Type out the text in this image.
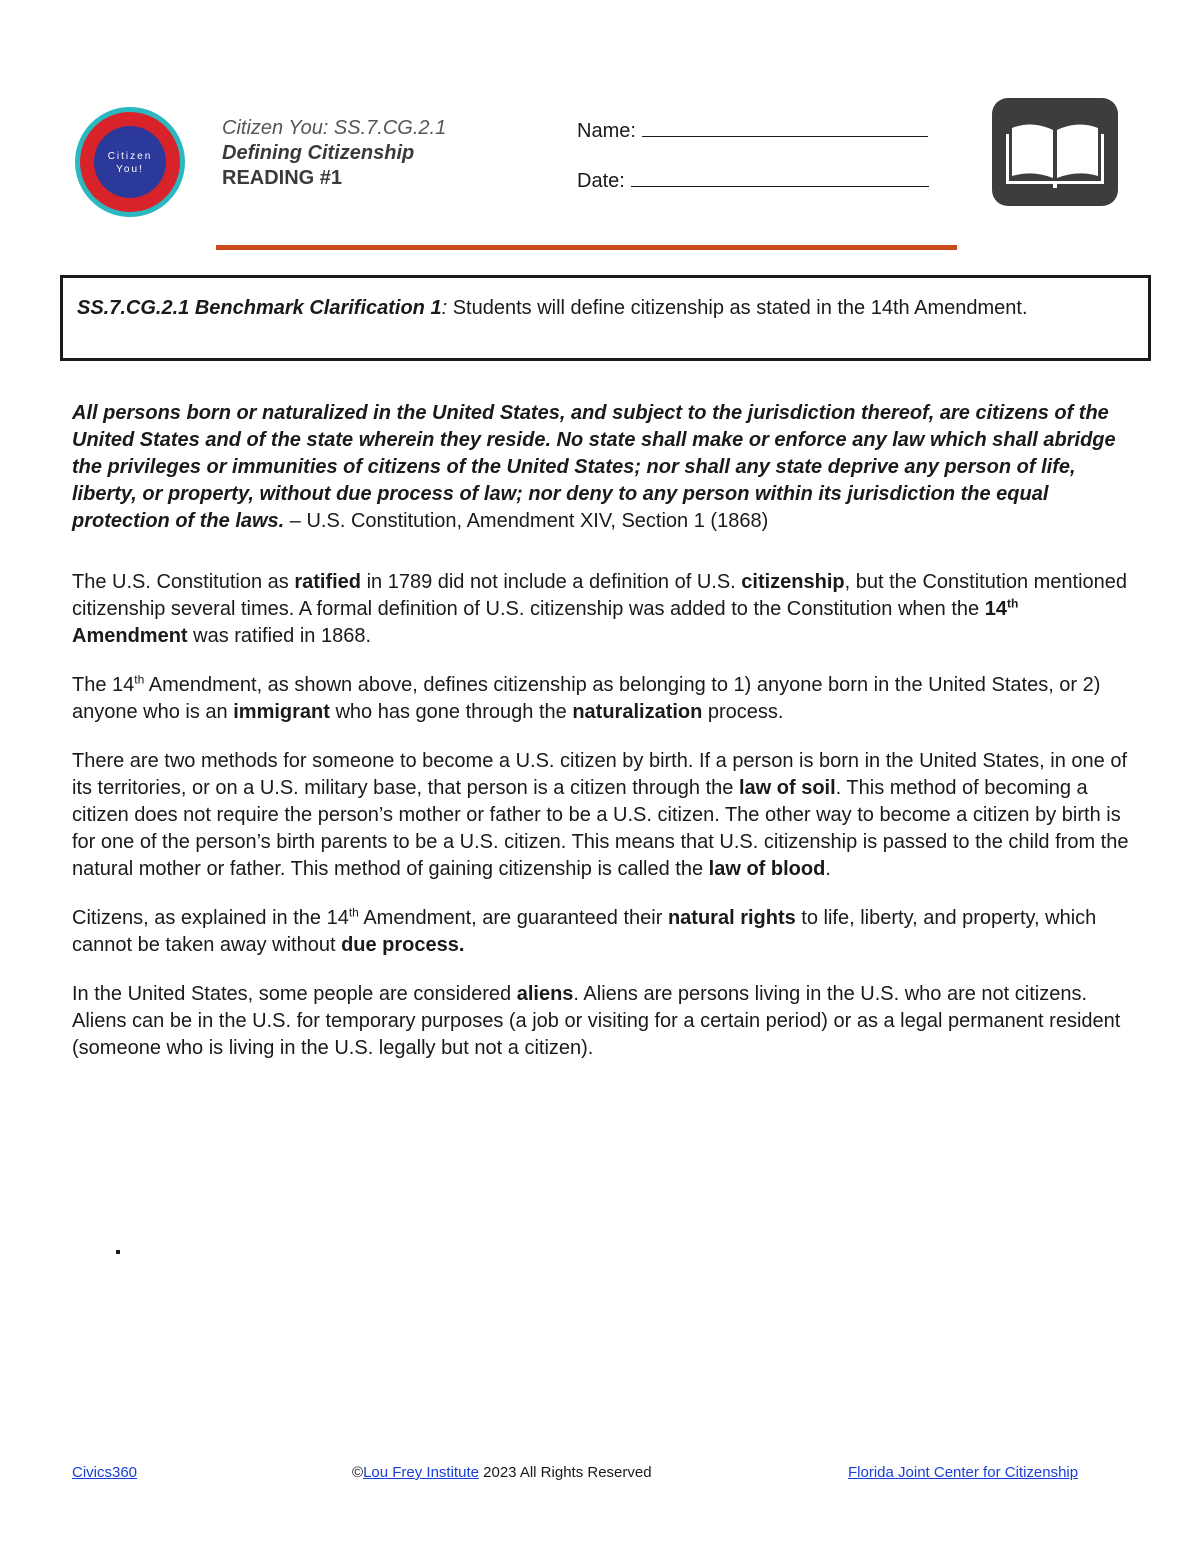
Citizen
You!
Citizen You: SS.7.CG.2.1
Defining Citizenship
READING #1
Name:
Date:
SS.7.CG.2.1 Benchmark Clarification 1: Students will define citizenship as stated in the 14th Amendment.

All persons born or naturalized in the United States, and subject to the jurisdiction thereof, are citizens of the United States and of the state wherein they reside. No state shall make or enforce any law which shall abridge the privileges or immunities of citizens of the United States; nor shall any state deprive any person of life, liberty, or property, without due process of law; nor deny to any person within its jurisdiction the equal protection of the laws. – U.S. Constitution, Amendment XIV, Section 1 (1868)

The U.S. Constitution as ratified in 1789 did not include a definition of U.S. citizenship, but the Constitution mentioned citizenship several times. A formal definition of U.S. citizenship was added to the Constitution when the 14th Amendment was ratified in 1868.

The 14th Amendment, as shown above, defines citizenship as belonging to 1) anyone born in the United States, or 2) anyone who is an immigrant who has gone through the naturalization process.

There are two methods for someone to become a U.S. citizen by birth. If a person is born in the United States, in one of its territories, or on a U.S. military base, that person is a citizen through the law of soil. This method of becoming a citizen does not require the person’s mother or father to be a U.S. citizen. The other way to become a citizen by birth is for one of the person’s birth parents to be a U.S. citizen. This means that U.S. citizenship is passed to the child from the natural mother or father. This method of gaining citizenship is called the law of blood.

Citizens, as explained in the 14th Amendment, are guaranteed their natural rights to life, liberty, and property, which cannot be taken away without due process.

In the United States, some people are considered aliens. Aliens are persons living in the U.S. who are not citizens. Aliens can be in the U.S. for temporary purposes (a job or visiting for a certain period) or as a legal permanent resident (someone who is living in the U.S. legally but not a citizen).

Civics360	©Lou Frey Institute 2023 All Rights Reserved	Florida Joint Center for Citizenship
